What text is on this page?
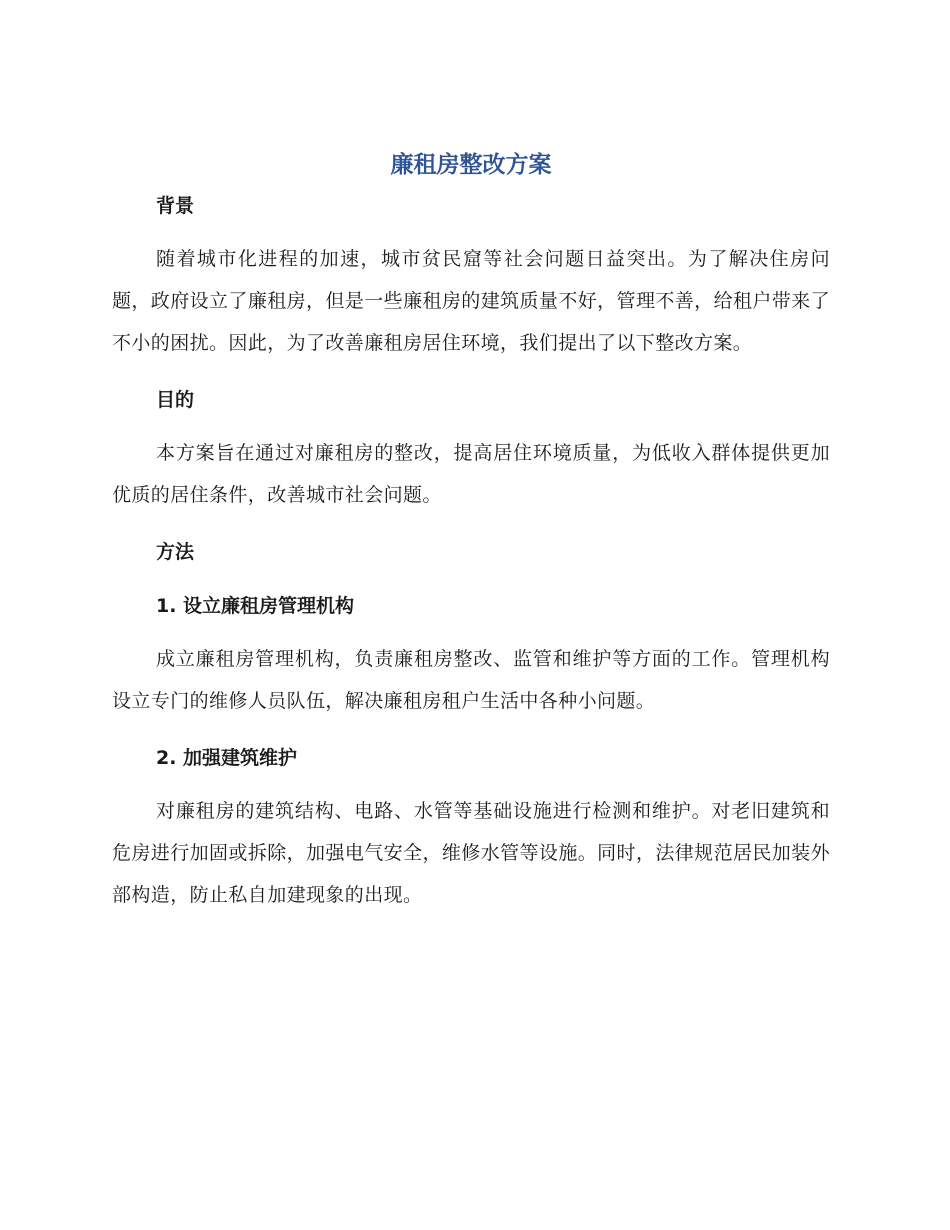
廉租房整改方案
背景

随着城市化进程的加速，城市贫民窟等社会问题日益突出。为了解决住房问题，政府设立了廉租房，但是一些廉租房的建筑质量不好，管理不善，给租户带来了不小的困扰。因此，为了改善廉租房居住环境，我们提出了以下整改方案。

目的

本方案旨在通过对廉租房的整改，提高居住环境质量，为低收入群体提供更加优质的居住条件，改善城市社会问题。

方法
1. 设立廉租房管理机构

成立廉租房管理机构，负责廉租房整改、监管和维护等方面的工作。管理机构设立专门的维修人员队伍，解决廉租房租户生活中各种小问题。

2. 加强建筑维护

对廉租房的建筑结构、电路、水管等基础设施进行检测和维护。对老旧建筑和危房进行加固或拆除，加强电气安全，维修水管等设施。同时，法律规范居民加装外部构造，防止私自加建现象的出现。
